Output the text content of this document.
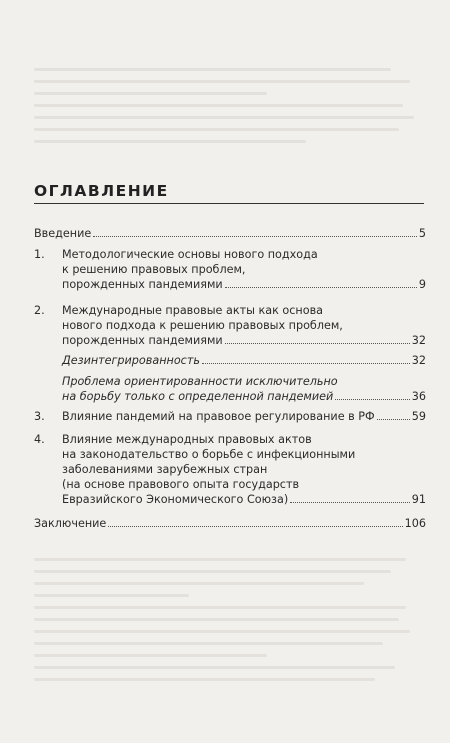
ОГЛАВЛЕНИЕ
Введение	5
1. Методологические основы нового подхода
к решению правовых проблем,
порожденных пандемиями	9
2. Международные правовые акты как основа
нового подхода к решению правовых проблем,
порожденных пандемиями	32
Дезинтегрированность	32
Проблема ориентированности исключительно
на борьбу только с определенной пандемией	36
3. Влияние пандемий на правовое регулирование в РФ	59
4. Влияние международных правовых актов
на законодательство о борьбе с инфекционными
заболеваниями зарубежных стран
(на основе правового опыта государств
Евразийского Экономического Союза)	91
Заключение	106
